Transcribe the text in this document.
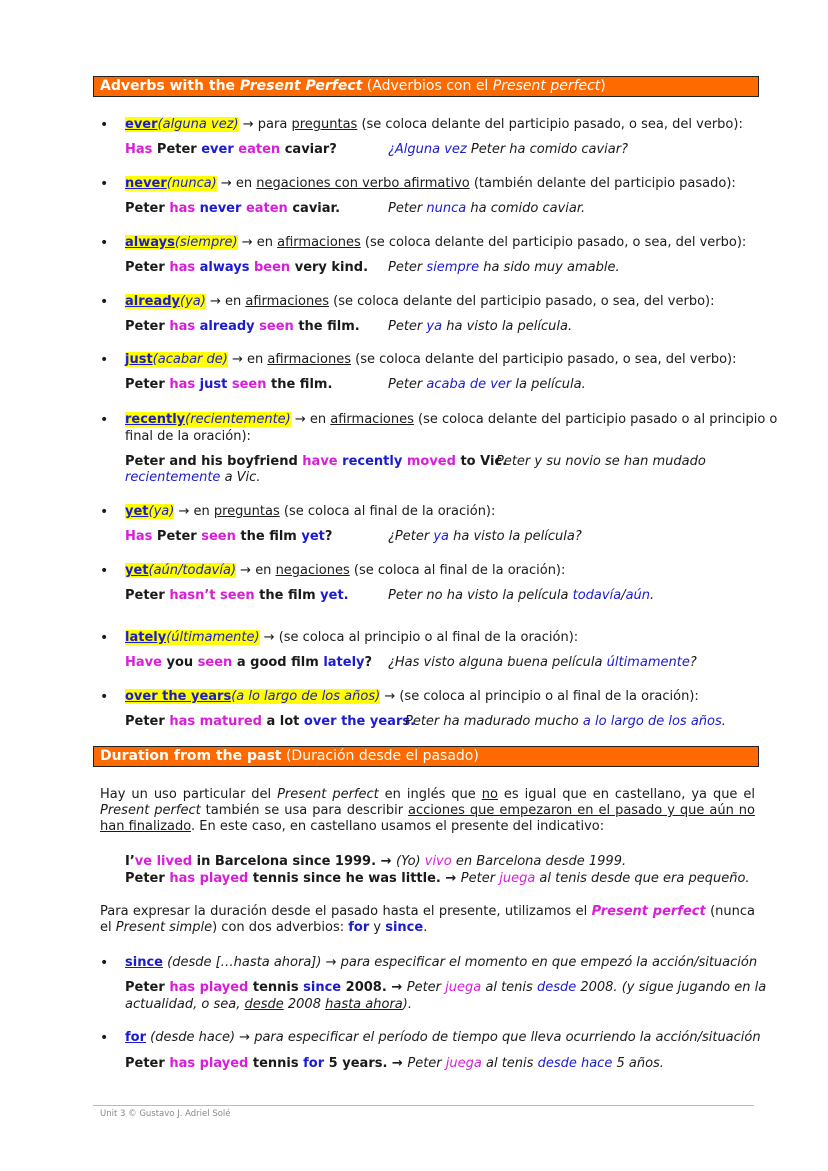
Adverbs with the Present Perfect (Adverbios con el Present perfect)
• ever(alguna vez) → para preguntas (se coloca delante del participio pasado, o sea, del verbo):
Has Peter ever eaten caviar?	¿Alguna vez Peter ha comido caviar?
• never(nunca) → en negaciones con verbo afirmativo (también delante del participio pasado):
Peter has never eaten caviar.	Peter nunca ha comido caviar.
• always(siempre) → en afirmaciones (se coloca delante del participio pasado, o sea, del verbo):
Peter has always been very kind. Peter siempre ha sido muy amable.
• already(ya) → en afirmaciones (se coloca delante del participio pasado, o sea, del verbo):
Peter has already seen the film. Peter ya ha visto la película.
• just(acabar de) → en afirmaciones (se coloca delante del participio pasado, o sea, del verbo):
Peter has just seen the film.	Peter acaba de ver la película.
• recently(recientemente) → en afirmaciones (se coloca delante del participio pasado o al principio o
final de la oración):
Peter and his boyfriend have recently moved to Vic.
Peter y su novio se han mudado
recientemente a Vic.
• yet(ya) → en preguntas (se coloca al final de la oración):
Has Peter seen the film yet?	¿Peter ya ha visto la película?
• yet(aún/todavía) → en negaciones (se coloca al final de la oración):
Peter hasn’t seen the film yet.	Peter no ha visto la película todavía/aún.
• lately(últimamente) → (se coloca al principio o al final de la oración):
Have you seen a good film lately? ¿Has visto alguna buena película últimamente?
• over the years(a lo largo de los años) → (se coloca al principio o al final de la oración):
Peter has matured a lot over the years.
Peter ha madurado mucho a lo largo de los años.
Duration from the past (Duración desde el pasado)
Hay un uso particular del Present perfect en inglés que no es igual que en castellano, ya que el Present perfect también se usa para describir acciones que empezaron en el pasado y que aún no han finalizado. En este caso, en castellano usamos el presente del indicativo:
I’ve lived in Barcelona since 1999. → (Yo) vivo en Barcelona desde 1999.
Peter has played tennis since he was little. → Peter juega al tenis desde que era pequeño.
Para expresar la duración desde el pasado hasta el presente, utilizamos el Present perfect (nunca el Present simple) con dos adverbios: for y since.
• since (desde […hasta ahora]) → para especificar el momento en que empezó la acción/situación
Peter has played tennis since 2008. → Peter juega al tenis desde 2008. (y sigue jugando en la
actualidad, o sea, desde 2008 hasta ahora).
• for (desde hace) → para especificar el período de tiempo que lleva ocurriendo la acción/situación
Peter has played tennis for 5 years. → Peter juega al tenis desde hace 5 años.
Unit 3 © Gustavo J. Adriel Solé
